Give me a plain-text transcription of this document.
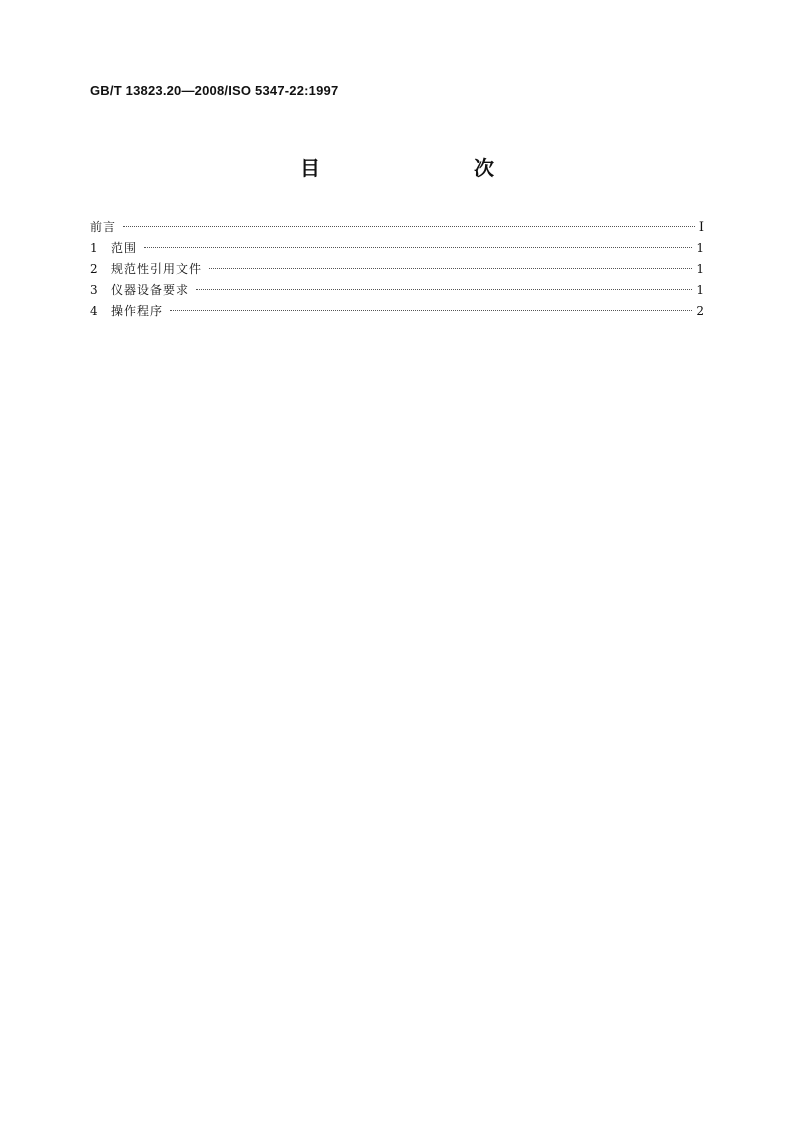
GB/T 13823.20—2008/ISO 5347-22:1997
目　　次
前言	Ⅰ
1	范围	1
2	规范性引用文件	1
3	仪器设备要求	1
4	操作程序	2
